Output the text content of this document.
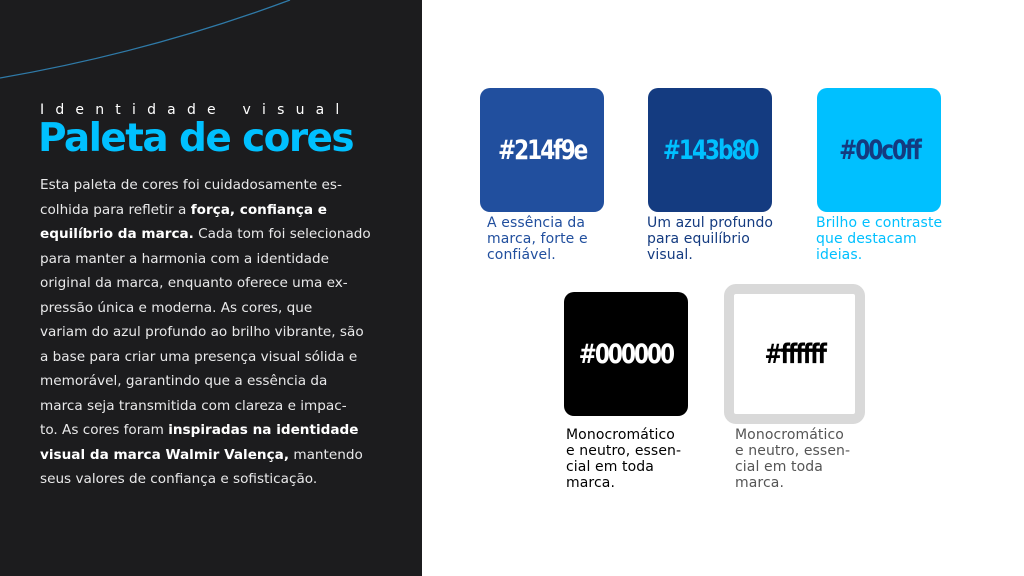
Identidade visual
Paleta de cores
Esta paleta de cores foi cuidadosamente es-
colhida para refletir a força, confiança e
equilíbrio da marca. Cada tom foi selecionado
para manter a harmonia com a identidade
original da marca, enquanto oferece uma ex-
pressão única e moderna. As cores, que
variam do azul profundo ao brilho vibrante, são
a base para criar uma presença visual sólida e
memorável, garantindo que a essência da
marca seja transmitida com clareza e impac-
to. As cores foram inspiradas na identidade
visual da marca Walmir Valença, mantendo
seus valores de confiança e sofisticação.
#214f9e
A essência da
marca, forte e
confiável.
#143b80
Um azul profundo
para equilíbrio
visual.
#00c0ff
Brilho e contraste
que destacam
ideias.
#000000
Monocromático
e neutro, essen-
cial em toda
marca.
#ffffff
Monocromático
e neutro, essen-
cial em toda
marca.
